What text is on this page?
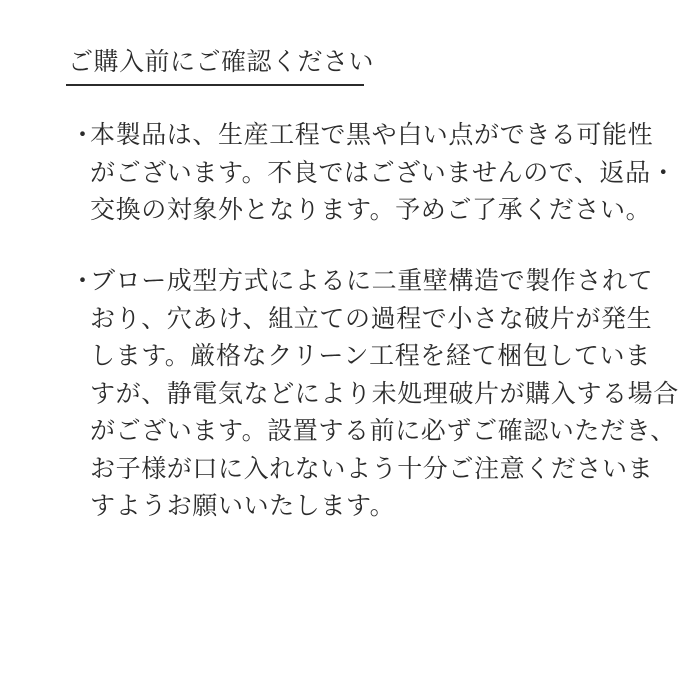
ご購入前にご確認ください
・本製品は、生産工程で黒や白い点ができる可能性
がございます。不良ではございませんので、返品・
交換の対象外となります。予めご了承ください。
・ブロー成型方式によるに二重壁構造で製作されて
おり、穴あけ、組立ての過程で小さな破片が発生
します。厳格なクリーン工程を経て梱包していま
すが、静電気などにより未処理破片が購入する場合
がございます。設置する前に必ずご確認いただき、
お子様が口に入れないよう十分ご注意くださいま
すようお願いいたします。
